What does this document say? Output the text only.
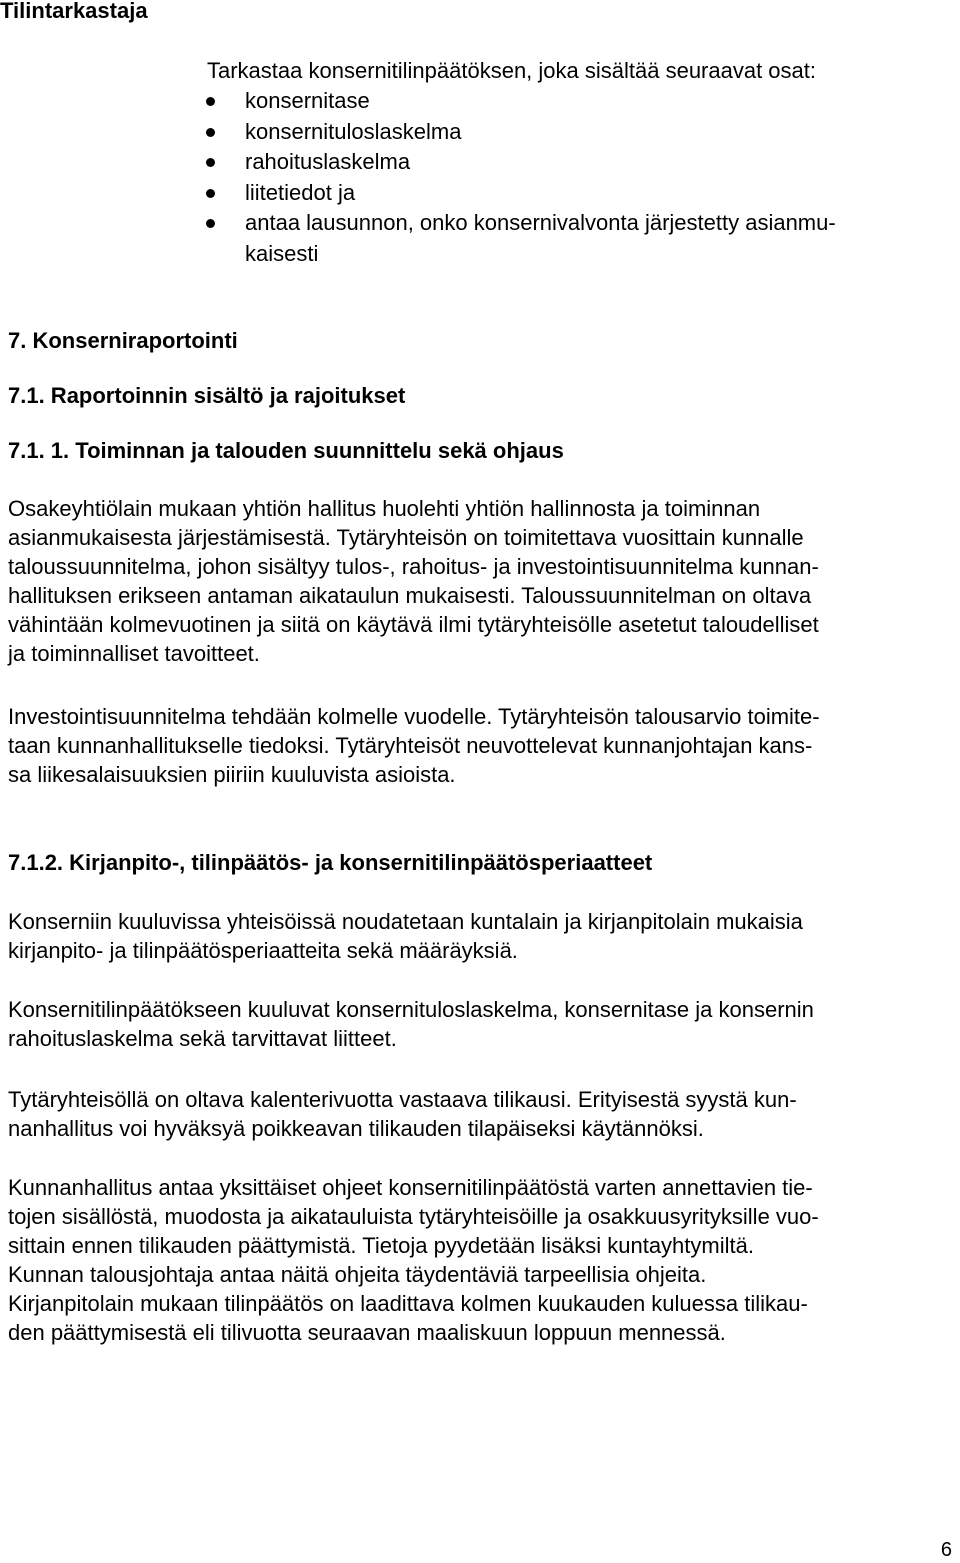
Tilintarkastaja
Tarkastaa konsernitilinpäätöksen, joka sisältää seuraavat osat:
konsernitase
konsernituloslaskelma
rahoituslaskelma
liitetiedot ja
antaa lausunnon, onko konsernivalvonta järjestetty asianmu-
kaisesti
7. Konserniraportointi
7.1. Raportoinnin sisältö ja rajoitukset
7.1. 1. Toiminnan ja talouden suunnittelu sekä ohjaus

Osakeyhtiölain mukaan yhtiön hallitus huolehti yhtiön hallinnosta ja toiminnan
asianmukaisesta järjestämisestä. Tytäryhteisön on toimitettava vuosittain kunnalle
taloussuunnitelma, johon sisältyy tulos-, rahoitus- ja investointisuunnitelma kunnan-
hallituksen erikseen antaman aikataulun mukaisesti. Taloussuunnitelman on oltava
vähintään kolmevuotinen ja siitä on käytävä ilmi tytäryhteisölle asetetut taloudelliset
ja toiminnalliset tavoitteet.

Investointisuunnitelma tehdään kolmelle vuodelle. Tytäryhteisön talousarvio toimite-
taan kunnanhallitukselle tiedoksi. Tytäryhteisöt neuvottelevat kunnanjohtajan kans-
sa liikesalaisuuksien piiriin kuuluvista asioista.

7.1.2. Kirjanpito-, tilinpäätös- ja konsernitilinpäätösperiaatteet

Konserniin kuuluvissa yhteisöissä noudatetaan kuntalain ja kirjanpitolain mukaisia
kirjanpito- ja tilinpäätösperiaatteita sekä määräyksiä.

Konsernitilinpäätökseen kuuluvat konsernituloslaskelma, konsernitase ja konsernin
rahoituslaskelma sekä tarvittavat liitteet.

Tytäryhteisöllä on oltava kalenterivuotta vastaava tilikausi. Erityisestä syystä kun-
nanhallitus voi hyväksyä poikkeavan tilikauden tilapäiseksi käytännöksi.

Kunnanhallitus antaa yksittäiset ohjeet konsernitilinpäätöstä varten annettavien tie-
tojen sisällöstä, muodosta ja aikatauluista tytäryhteisöille ja osakkuusyrityksille vuo-
sittain ennen tilikauden päättymistä. Tietoja pyydetään lisäksi kuntayhtymiltä.
Kunnan talousjohtaja antaa näitä ohjeita täydentäviä tarpeellisia ohjeita.
Kirjanpitolain mukaan tilinpäätös on laadittava kolmen kuukauden kuluessa tilikau-
den päättymisestä eli tilivuotta seuraavan maaliskuun loppuun mennessä.

6
